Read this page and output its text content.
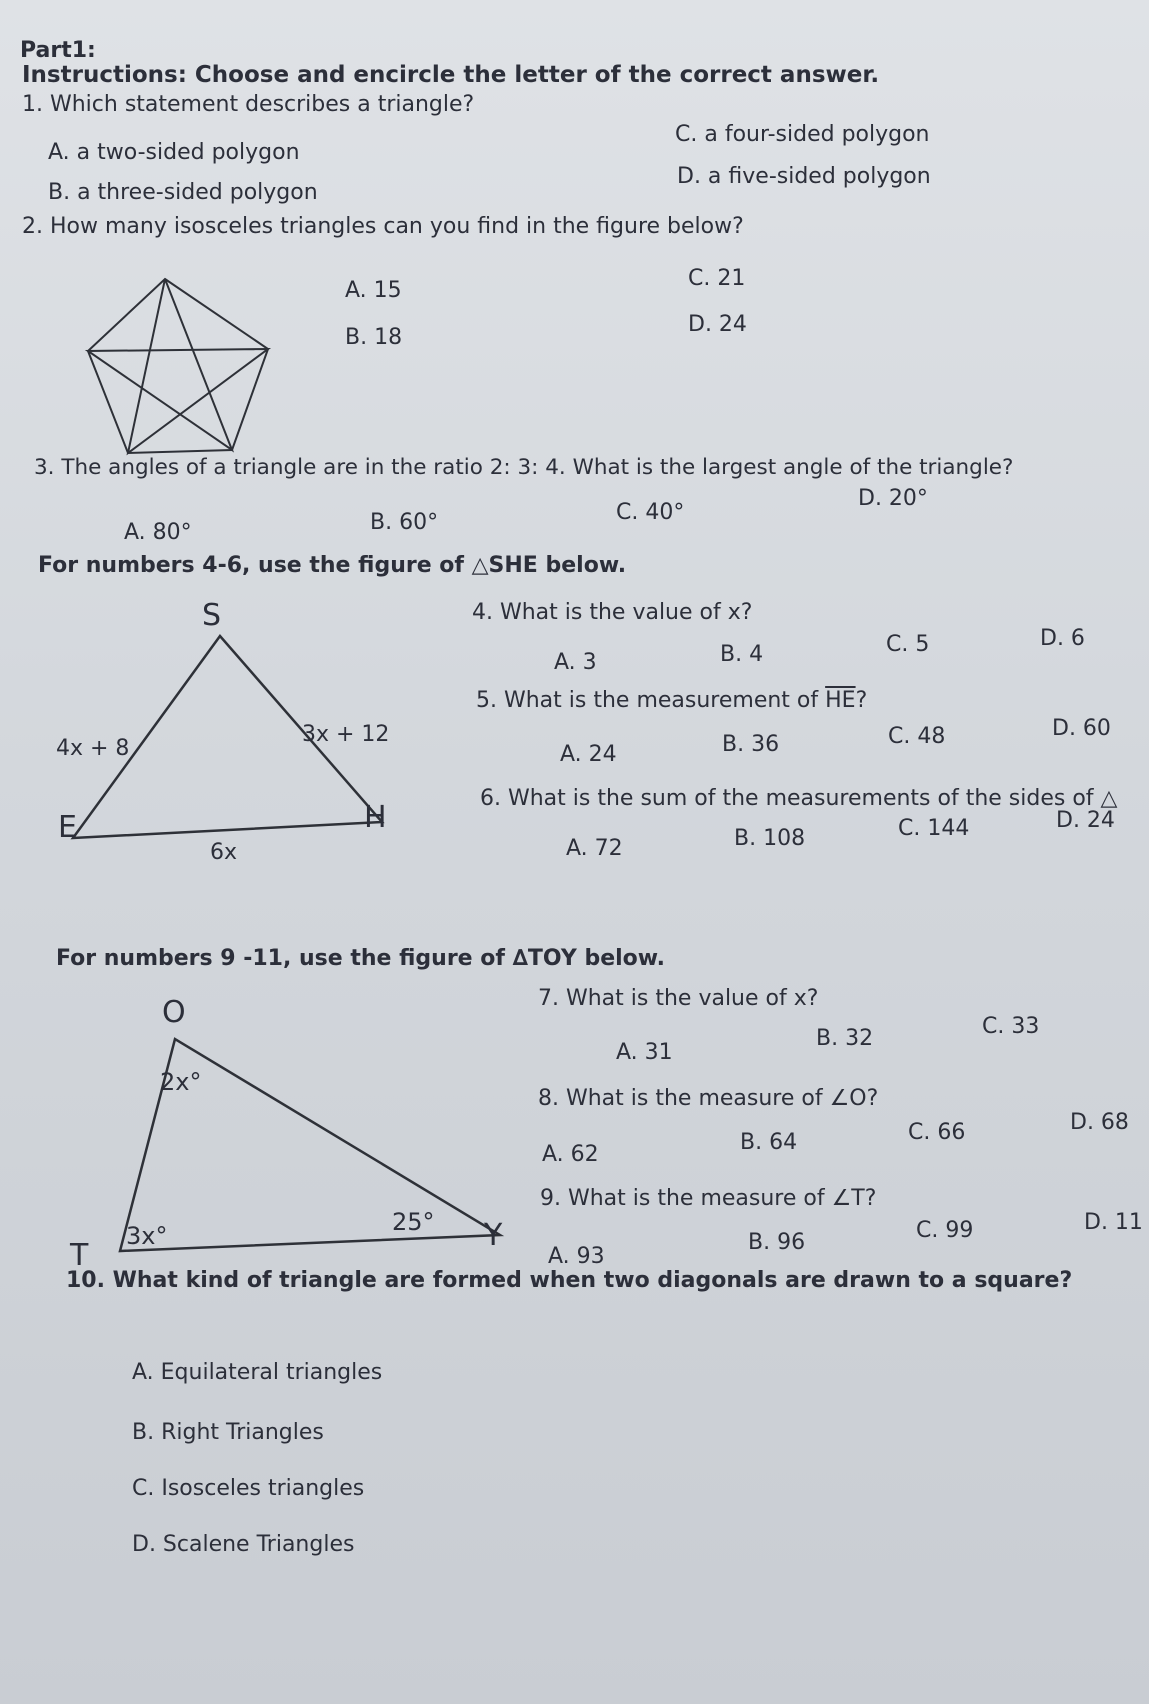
Part1:
Instructions: Choose and encircle the letter of the correct answer.
1. Which statement describes a triangle?
A. a two-sided polygon
B. a three-sided polygon
C. a four-sided polygon
D. a five-sided polygon
2. How many isosceles triangles can you find in the figure below?
A. 15
B. 18
C. 21
D. 24
3. The angles of a triangle are in the ratio 2: 3: 4. What is the largest angle of the triangle?
A. 80°	B. 60°	C. 40°
D. 20°
For numbers 4-6, use the figure of △SHE below.
S
E	H
4x + 8
3x + 12
6x
4. What is the value of x?
A. 3	B. 4	C. 5	D. 6
5. What is the measurement of $\overline{HE}$?
A. 24	B. 36	C. 48	D. 60
6. What is the sum of the measurements of the sides of △
A. 72	B. 108	C. 144	D. 24
For numbers 9 -11, use the figure of ∆TOY below.
O
T
Y
2x°
3x°	25°
7. What is the value of x?
A. 31
B. 32	C. 33
8. What is the measure of ∠O?
A. 62	B. 64	C. 66	D. 68
9. What is the measure of ∠T?
A. 93
B. 96	C. 99	D. 11
10. What kind of triangle are formed when two diagonals are drawn to a square?
A. Equilateral triangles
B. Right Triangles
C. Isosceles triangles
D. Scalene Triangles
